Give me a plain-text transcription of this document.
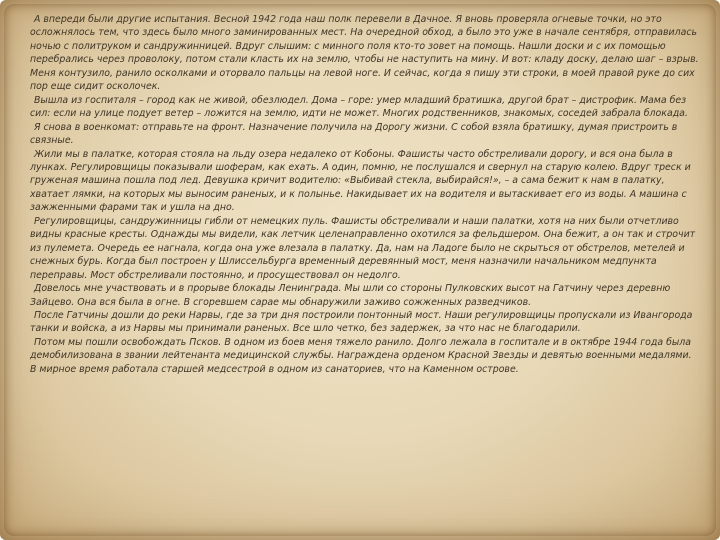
А впереди были другие испытания. Весной 1942 года наш полк перевели в Дачное. Я вновь проверяла огневые точки, но это осложнялось тем, что здесь было много заминированных мест. На очередной обход, а было это уже в начале сентября, отправилась ночью с политруком и сандружинницей. Вдруг слышим: с минного поля кто-то зовет на помощь. Нашли доски и с их помощью перебрались через проволоку, потом стали класть их на землю, чтобы не наступить на мину. И вот: кладу доску, делаю шаг – взрыв. Меня контузило, ранило осколками и оторвало пальцы на левой ноге. И сейчас, когда я пишу эти строки, в моей правой руке до сих пор еще сидит осколочек.

Вышла из госпиталя – город как не живой, обезлюдел. Дома – горе: умер младший братишка, другой брат – дистрофик. Мама без сил: если на улице подует ветер – ложится на землю, идти не может. Многих родственников, знакомых, соседей забрала блокада.

Я снова в военкомат: отправьте на фронт. Назначение получила на Дорогу жизни. С собой взяла братишку, думая пристроить в связные.

Жили мы в палатке, которая стояла на льду озера недалеко от Кобоны. Фашисты часто обстреливали дорогу, и вся она была в лунках. Регулировщицы показывали шоферам, как ехать. А один, помню, не послушался и свернул на старую колею. Вдруг треск и груженая машина пошла под лед. Девушка кричит водителю: «Выбивай стекла, выбирайся!», – а сама бежит к нам в палатку, хватает лямки, на которых мы выносим раненых, и к полынье. Накидывает их на водителя и вытаскивает его из воды. А машина с зажженными фарами так и ушла на дно.

Регулировщицы, сандружинницы гибли от немецких пуль. Фашисты обстреливали и наши палатки, хотя на них были отчетливо видны красные кресты. Однажды мы видели, как летчик целенаправленно охотился за фельдшером. Она бежит, а он так и строчит из пулемета. Очередь ее нагнала, когда она уже влезала в палатку. Да, нам на Ладоге было не скрыться от обстрелов, метелей и снежных бурь. Когда был построен у Шлиссельбурга временный деревянный мост, меня назначили начальником медпункта переправы. Мост обстреливали постоянно, и просуществовал он недолго.

Довелось мне участвовать и в прорыве блокады Ленинграда. Мы шли со стороны Пулковских высот на Гатчину через деревню Зайцево. Она вся была в огне. В сгоревшем сарае мы обнаружили заживо сожженных разведчиков.

После Гатчины дошли до реки Нарвы, где за три дня построили понтонный мост. Наши регулировщицы пропускали из Ивангорода танки и войска, а из Нарвы мы принимали раненых. Все шло четко, без задержек, за что нас не благодарили.

Потом мы пошли освобождать Псков. В одном из боев меня тяжело ранило. Долго лежала в госпитале и в октябре 1944 года была демобилизована в звании лейтенанта медицинской службы. Награждена орденом Красной Звезды и девятью военными медалями. В мирное время работала старшей медсестрой в одном из санаториев, что на Каменном острове.
